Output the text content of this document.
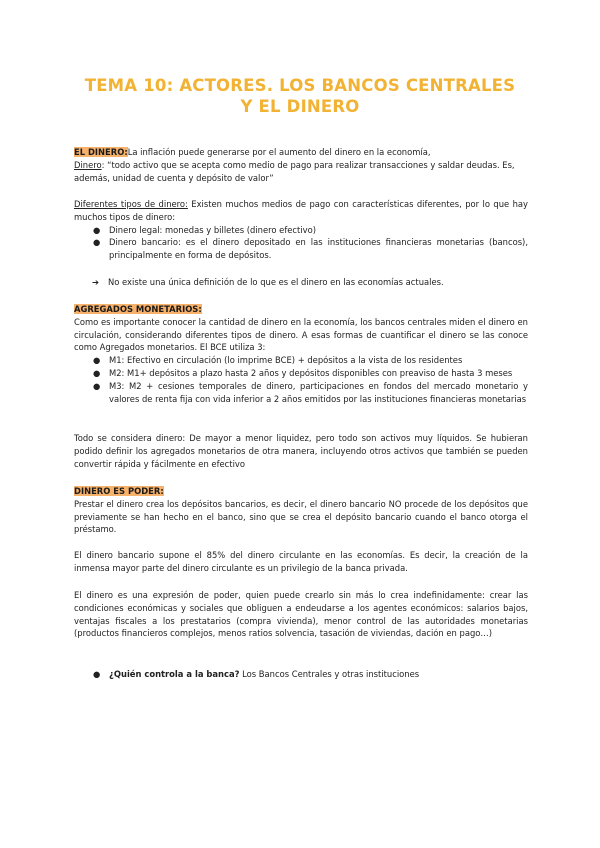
TEMA 10: ACTORES. LOS BANCOS CENTRALES
Y EL DINERO
EL DINERO:La inflación puede generarse por el aumento del dinero en la economía,
Dinero: “todo activo que se acepta como medio de pago para realizar transacciones y saldar deudas. Es, además, unidad de cuenta y depósito de valor”
Diferentes tipos de dinero: Existen muchos medios de pago con características diferentes, por lo que hay muchos tipos de dinero:
● Dinero legal: monedas y billetes (dinero efectivo)
● Dinero bancario: es el dinero depositado en las instituciones financieras monetarias (bancos), principalmente en forma de depósitos.
➔ No existe una única definición de lo que es el dinero en las economías actuales.
AGREGADOS MONETARIOS:
Como es importante conocer la cantidad de dinero en la economía, los bancos centrales miden el dinero en circulación, considerando diferentes tipos de dinero. A esas formas de cuantificar el dinero se las conoce como Agregados monetarios. El BCE utiliza 3:
● M1: Efectivo en circulación (lo imprime BCE) + depósitos a la vista de los residentes
● M2: M1+ depósitos a plazo hasta 2 años y depósitos disponibles con preaviso de hasta 3 meses
● M3: M2 + cesiones temporales de dinero, participaciones en fondos del mercado monetario y valores de renta fija con vida inferior a 2 años emitidos por las instituciones financieras monetarias
Todo se considera dinero: De mayor a menor liquidez, pero todo son activos muy líquidos. Se hubieran podido definir los agregados monetarios de otra manera, incluyendo otros activos que también se pueden convertir rápida y fácilmente en efectivo
DINERO ES PODER:
Prestar el dinero crea los depósitos bancarios, es decir, el dinero bancario NO procede de los depósitos que previamente se han hecho en el banco, sino que se crea el depósito bancario cuando el banco otorga el préstamo.
El dinero bancario supone el 85% del dinero circulante en las economías. Es decir, la creación de la inmensa mayor parte del dinero circulante es un privilegio de la banca privada.
El dinero es una expresión de poder, quien puede crearlo sin más lo crea indefinidamente: crear las condiciones económicas y sociales que obliguen a endeudarse a los agentes económicos: salarios bajos, ventajas fiscales a los prestatarios (compra vivienda), menor control de las autoridades monetarias (productos financieros complejos, menos ratios solvencia, tasación de viviendas, dación en pago…)
● ¿Quién controla a la banca? Los Bancos Centrales y otras instituciones
